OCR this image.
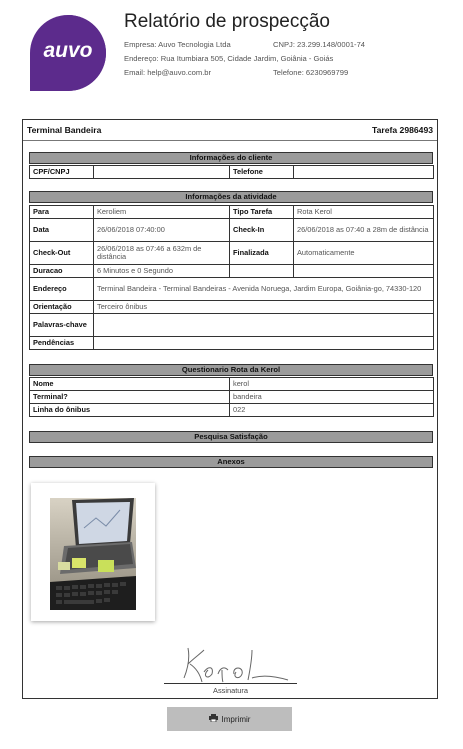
auvo
Relatório de prospecção
Empresa: Auvo Tecnologia Ltda	CNPJ: 23.299.148/0001-74
Endereço: Rua Itumbiara 505, Cidade Jardim, Goiânia - Goiás
Email: help@auvo.com.br	Telefone: 6230969799
Terminal Bandeira	Tarefa 2986493
Informações do cliente
CPF/CNPJ		Telefone	
Informações da atividade
Para	Keroliem	Tipo Tarefa	Rota Kerol
Data	26/06/2018 07:40:00	Check-In	26/06/2018 as 07:40 a 28m de distância
Check-Out	26/06/2018 as 07:46 a 632m de distância	Finalizada	Automaticamente
Duracao	6 Minutos e 0 Segundo		
Endereço	Terminal Bandeira - Terminal Bandeiras - Avenida Noruega, Jardim Europa, Goiânia-go, 74330-120		
Orientação	Terceiro ônibus		
Palavras-chave			
Pendências			
Questionario Rota da Kerol
Nome	kerol
Terminal?	bandeira
Linha do ônibus	022
Pesquisa Satisfação
Anexos
Assinatura
Imprimir
